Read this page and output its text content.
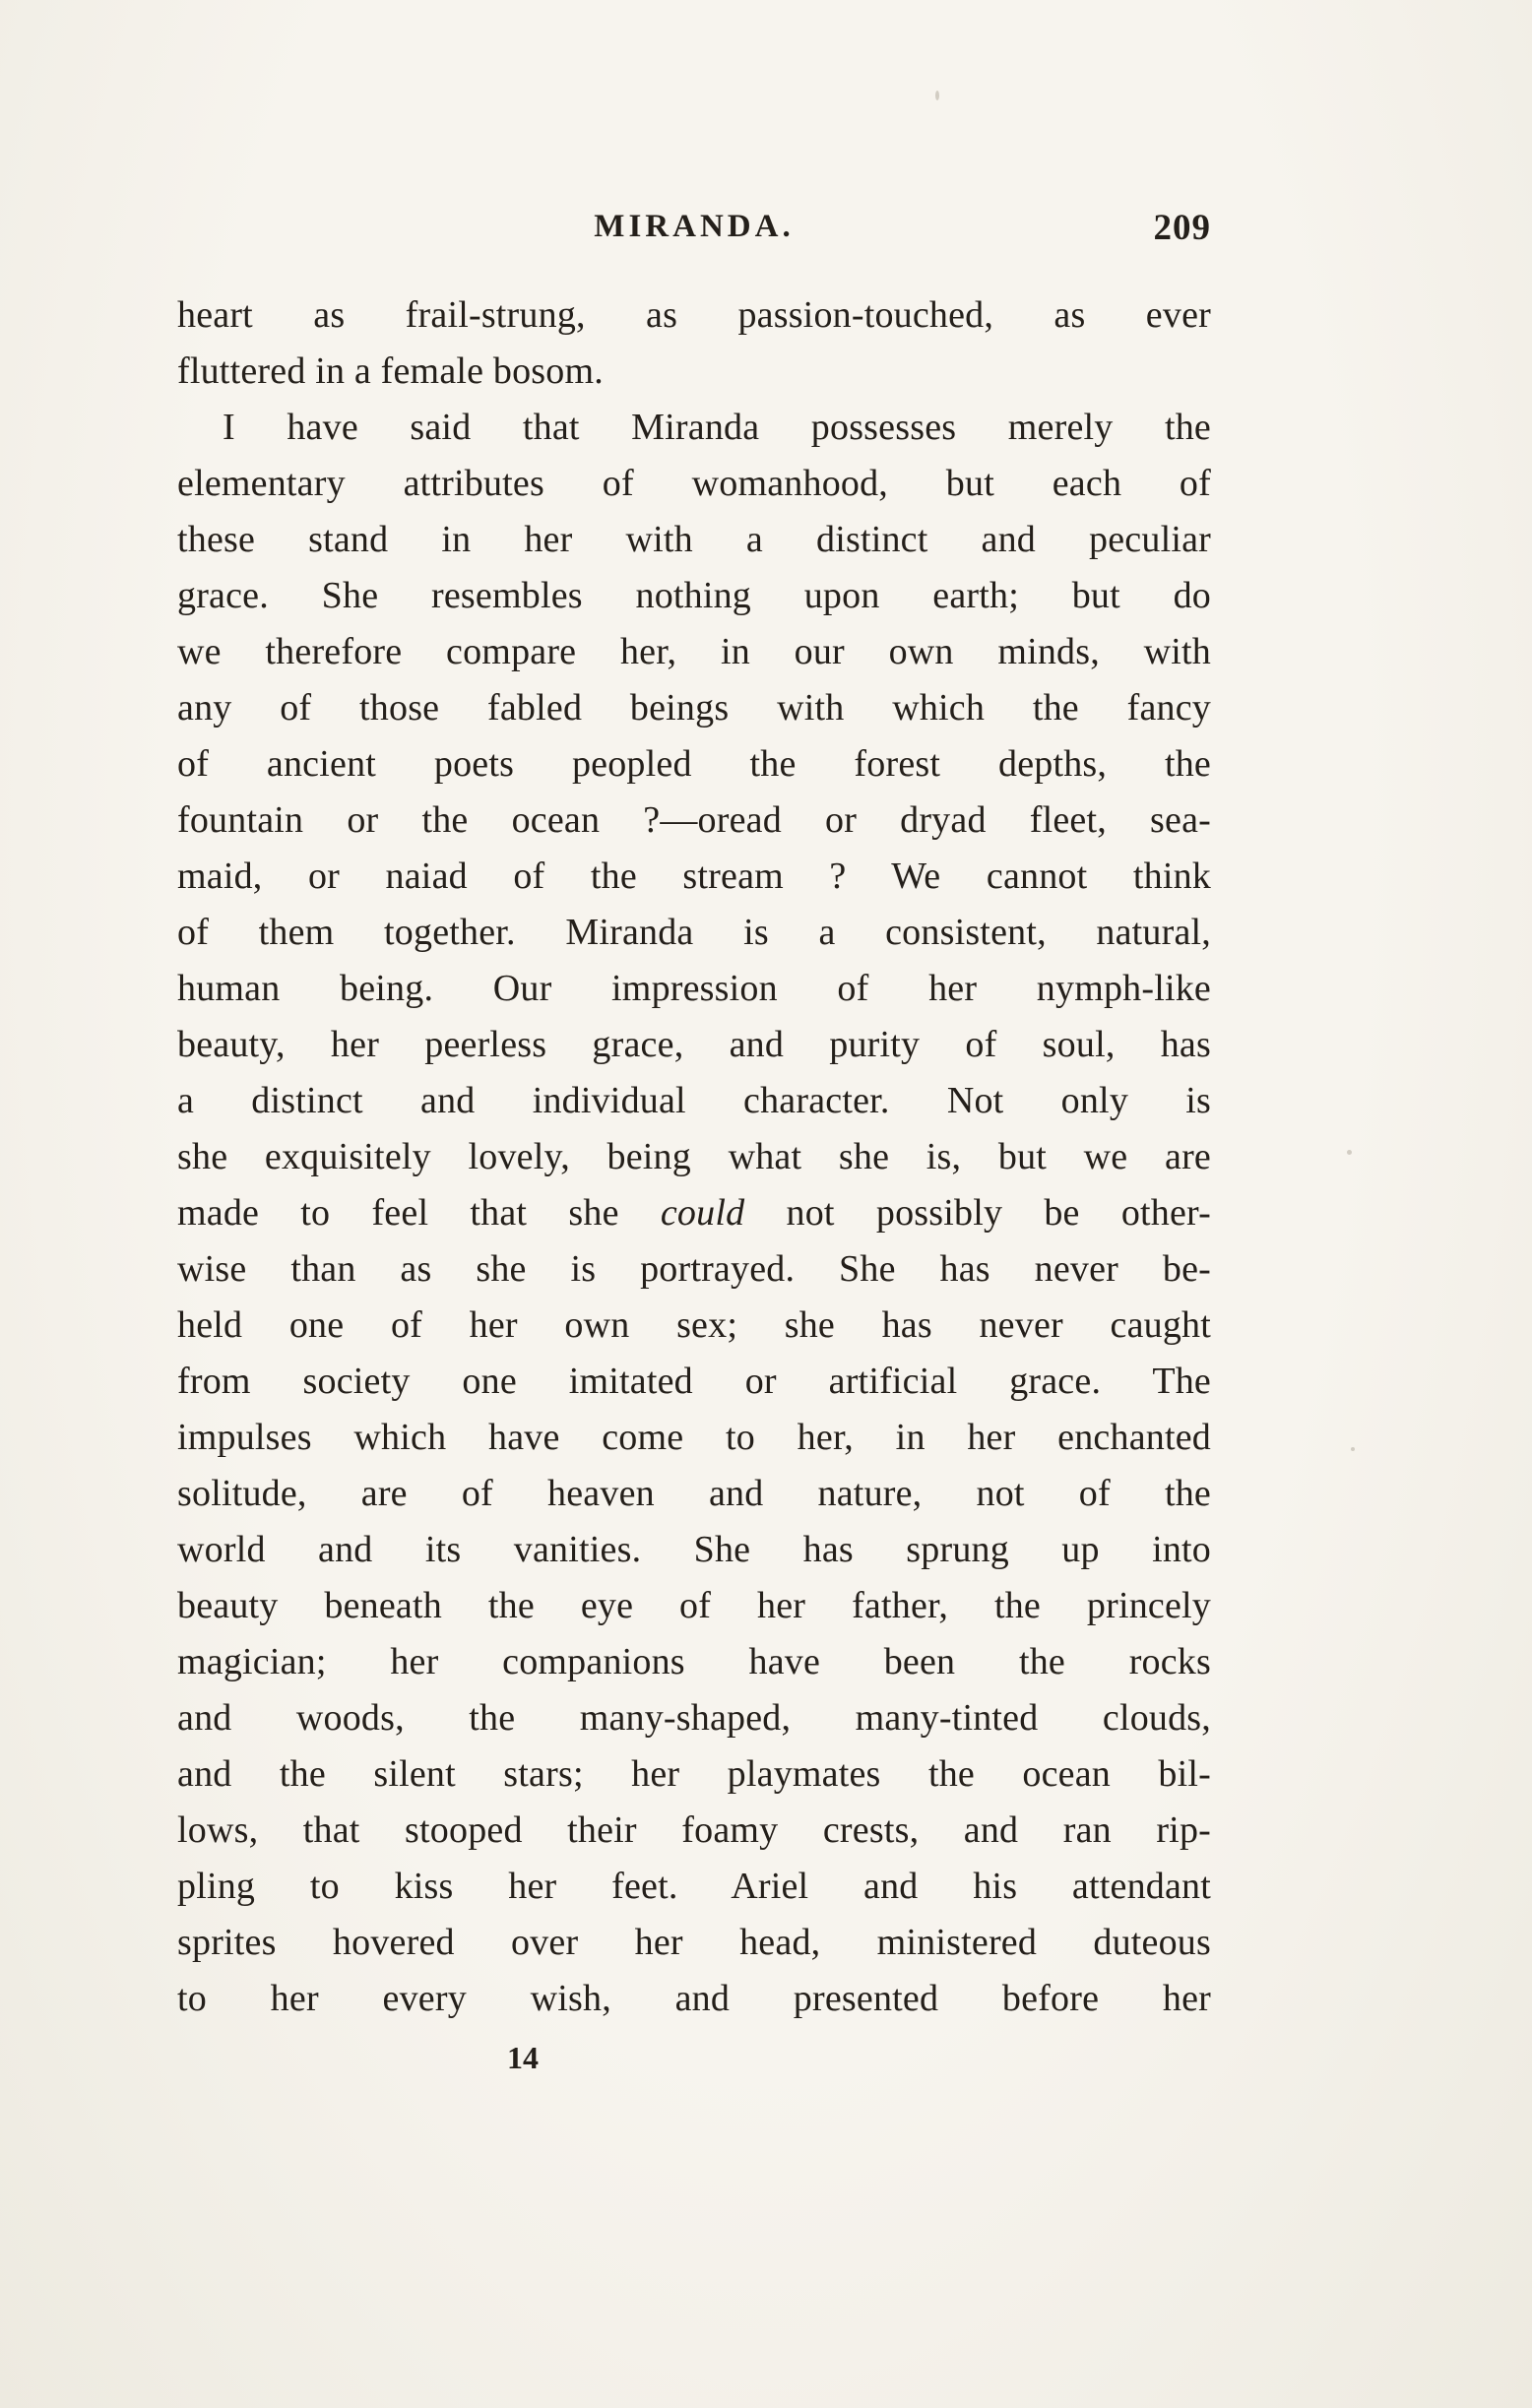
MIRANDA.	209
heart as frail-strung, as passion-touched, as ever
fluttered in a female bosom.
I have said that Miranda possesses merely the
elementary attributes of womanhood, but each of
these stand in her with a distinct and peculiar
grace. She resembles nothing upon earth; but do
we therefore compare her, in our own minds, with
any of those fabled beings with which the fancy
of ancient poets peopled the forest depths, the
fountain or the ocean ?—oread or dryad fleet, sea-
maid, or naiad of the stream ? We cannot think
of them together. Miranda is a consistent, natural,
human being. Our impression of her nymph-like
beauty, her peerless grace, and purity of soul, has
a distinct and individual character. Not only is
she exquisitely lovely, being what she is, but we are
made to feel that she could not possibly be other-
wise than as she is portrayed. She has never be-
held one of her own sex; she has never caught
from society one imitated or artificial grace. The
impulses which have come to her, in her enchanted
solitude, are of heaven and nature, not of the
world and its vanities. She has sprung up into
beauty beneath the eye of her father, the princely
magician; her companions have been the rocks
and woods, the many-shaped, many-tinted clouds,
and the silent stars; her playmates the ocean bil-
lows, that stooped their foamy crests, and ran rip-
pling to kiss her feet. Ariel and his attendant
sprites hovered over her head, ministered duteous
to her every wish, and presented before her
14
